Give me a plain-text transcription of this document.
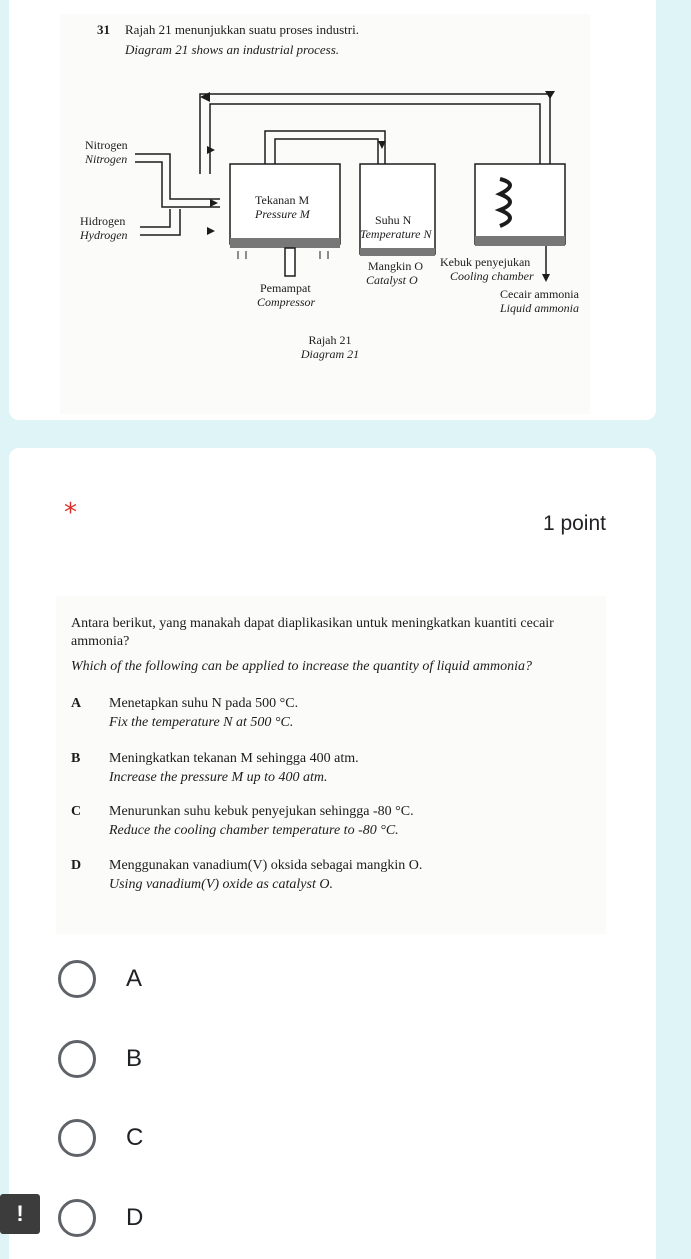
31 Rajah 21 menunjukkan suatu proses industri.
Diagram 21 shows an industrial process.
Nitrogen
Nitrogen
Hidrogen
Hydrogen
Tekanan M
Pressure M	Suhu N
Temperature N
Mangkin O
Catalyst O
Kebuk penyejukan
Cooling chamber
Pemampat
Compressor
Cecair ammonia
Liquid ammonia
Rajah 21
Diagram 21
*	1 point
Antara berikut, yang manakah dapat diaplikasikan untuk meningkatkan kuantiti cecair
ammonia?
Which of the following can be applied to increase the quantity of liquid ammonia?
A Menetapkan suhu N pada 500 °C.
Fix the temperature N at 500 °C.
B Meningkatkan tekanan M sehingga 400 atm.
Increase the pressure M up to 400 atm.
C Menurunkan suhu kebuk penyejukan sehingga -80 °C.
Reduce the cooling chamber temperature to -80 °C.
D Menggunakan vanadium(V) oksida sebagai mangkin O.
Using vanadium(V) oxide as catalyst O.
A
B
C
D
!
